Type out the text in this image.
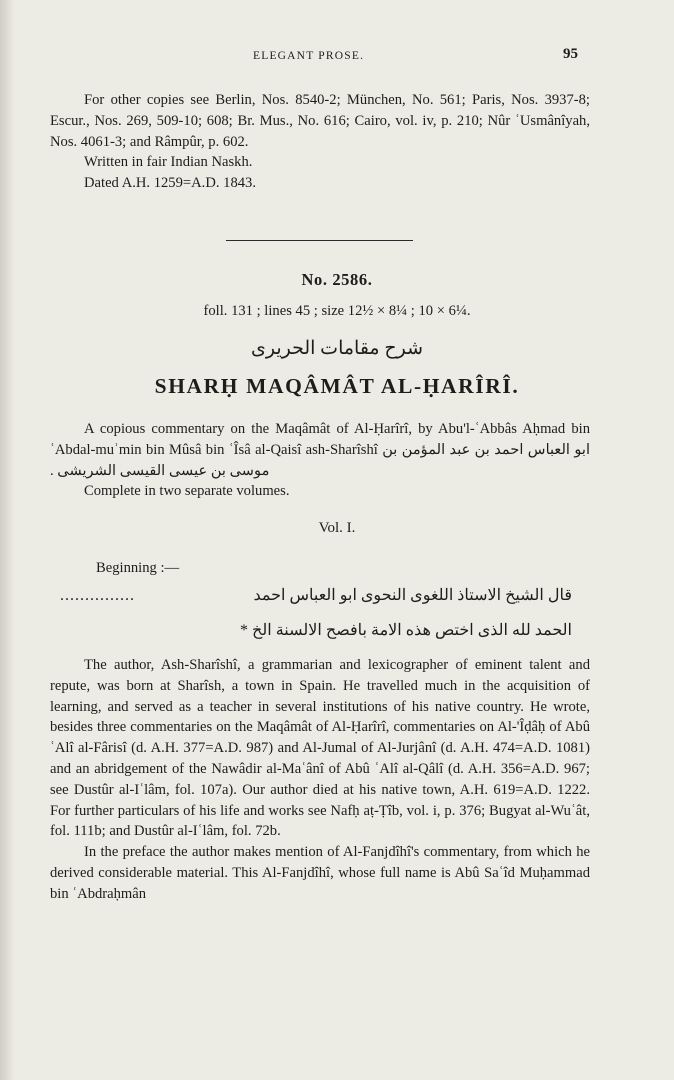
ELEGANT PROSE.	95

For other copies see Berlin, Nos. 8540-2; München, No. 561; Paris, Nos. 3937-8; Escur., Nos. 269, 509-10; 608; Br. Mus., No. 616; Cairo, vol. iv, p. 210; Nûr ʿUsmânîyah, Nos. 4061-3; and Râmpûr, p. 602.

Written in fair Indian Naskh.

Dated A.H. 1259=A.D. 1843.

No. 2586.
foll. 131 ; lines 45 ; size 12½ × 8¼ ; 10 × 6¼.
شرح مقامات الحريرى
SHARḤ MAQÂMÂT AL-ḤARÎRÎ.

A copious commentary on the Maqâmât of Al-Ḥarîrî, by Abu'l-ʿAbbâs Aḥmad bin ʿAbdal-muʾmin bin Mûsâ bin ʿÎsâ al-Qaisî ash-Sharîshî ابو العباس احمد بن عبد المؤمن بن موسى بن عيسى القيسى الشريشى .

Complete in two separate volumes.

Vol. I.
Beginning :—
...............	قال الشيخ الاستاذ اللغوى النحوى ابو العباس احمد
الحمد لله الذى اختص هذه الامة بافصح الالسنة الخ *

The author, Ash-Sharîshî, a grammarian and lexicographer of eminent talent and repute, was born at Sharîsh, a town in Spain. He travelled much in the acquisition of learning, and served as a teacher in several institutions of his native country. He wrote, besides three commentaries on the Maqâmât of Al-Ḥarîrî, commentaries on Al-'Îḍâḥ of Abû ʿAlî al-Fârisî (d. A.H. 377=A.D. 987) and Al-Jumal of Al-Jurjânî (d. A.H. 474=A.D. 1081) and an abridgement of the Nawâdir al-Maʿânî of Abû ʿAlî al-Qâlî (d. A.H. 356=A.D. 967; see Dustûr al-Iʿlâm, fol. 107a). Our author died at his native town, A.H. 619=A.D. 1222. For further particulars of his life and works see Nafḥ aṭ-Ṭîb, vol. i, p. 376; Bugyat al-Wuʿât, fol. 111b; and Dustûr al-Iʿlâm, fol. 72b.

In the preface the author makes mention of Al-Fanjdîhî's commentary, from which he derived considerable material. This Al-Fanjdîhî, whose full name is Abû Saʿîd Muḥammad bin ʿAbdraḥmân
